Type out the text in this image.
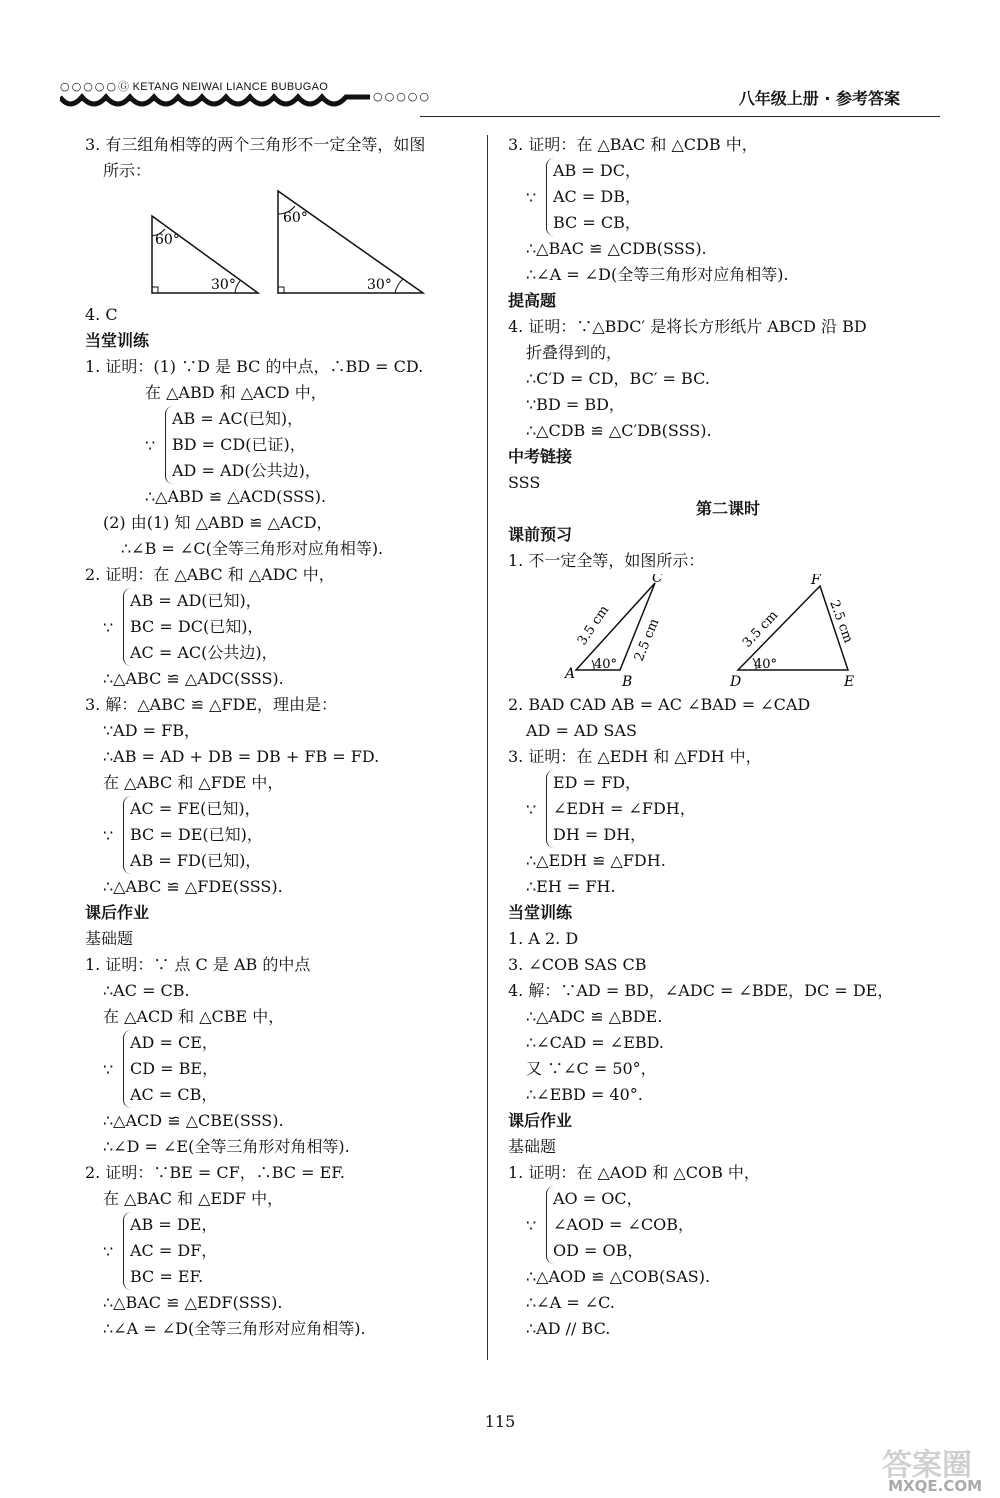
○○○○○ Ⓖ KETANG NEIWAI LIANCE BUBUGAO
○○○○○	八年级上册 · 参考答案
3. 有三组角相等的两个三角形不一定全等，如图
所示：
60°
30°
60°
30°
4. C
当堂训练
1. 证明：(1) ∵D 是 BC 的中点，∴BD = CD.
在 △ABD 和 △ACD 中，
∵
AB = AC(已知)，
BD = CD(已证)，
AD = AD(公共边)，
∴△ABD ≌ △ACD(SSS).
(2) 由(1) 知 △ABD ≌ △ACD，
∴∠B = ∠C(全等三角形对应角相等).
2. 证明：在 △ABC 和 △ADC 中，
∵
AB = AD(已知)，
BC = DC(已知)，
AC = AC(公共边)，
∴△ABC ≌ △ADC(SSS).
3. 解：△ABC ≌ △FDE，理由是：
∵AD = FB，
∴AB = AD + DB = DB + FB = FD.
在 △ABC 和 △FDE 中，
∵
AC = FE(已知)，
BC = DE(已知)，
AB = FD(已知)，
∴△ABC ≌ △FDE(SSS).
课后作业
基础题
1. 证明：∵ 点 C 是 AB 的中点
∴AC = CB.
在 △ACD 和 △CBE 中，
∵
AD = CE，
CD = BE，
AC = CB，
∴△ACD ≌ △CBE(SSS).
∴∠D = ∠E(全等三角形对角相等).
2. 证明：∵BE = CF，∴BC = EF.
在 △BAC 和 △EDF 中，
∵
AB = DE，
AC = DF，
BC = EF.
∴△BAC ≌ △EDF(SSS).
∴∠A = ∠D(全等三角形对应角相等).
3. 证明：在 △BAC 和 △CDB 中，
∵
AB = DC，
AC = DB，
BC = CB，
∴△BAC ≌ △CDB(SSS).
∴∠A = ∠D(全等三角形对应角相等).
提高题
4. 证明：∵△BDC′ 是将长方形纸片 ABCD 沿 BD
折叠得到的，
∴C′D = CD，BC′ = BC.
∵BD = BD，
∴△CDB ≌ △C′DB(SSS).
中考链接
SSS
第二课时
课前预习
1. 不一定全等，如图所示：
A	B
C
3.5 cm 2.5 cm
40°
D	E
F
3.5 cm	2.5 cm
40°
2. BAD CAD AB = AC ∠BAD = ∠CAD
AD = AD SAS
3. 证明：在 △EDH 和 △FDH 中，
∵
ED = FD，
∠EDH = ∠FDH，
DH = DH，
∴△EDH ≌ △FDH.
∴EH = FH.
当堂训练
1. A 2. D
3. ∠COB SAS CB
4. 解：∵AD = BD，∠ADC = ∠BDE，DC = DE，
∴△ADC ≌ △BDE.
∴∠CAD = ∠EBD.
又 ∵∠C = 50°，
∴∠EBD = 40°.
课后作业
基础题
1. 证明：在 △AOD 和 △COB 中，
∵
AO = OC，
∠AOD = ∠COB，
OD = OB，
∴△AOD ≌ △COB(SAS).
∴∠A = ∠C.
∴AD // BC.
115
答案圈
MXQE.COM
